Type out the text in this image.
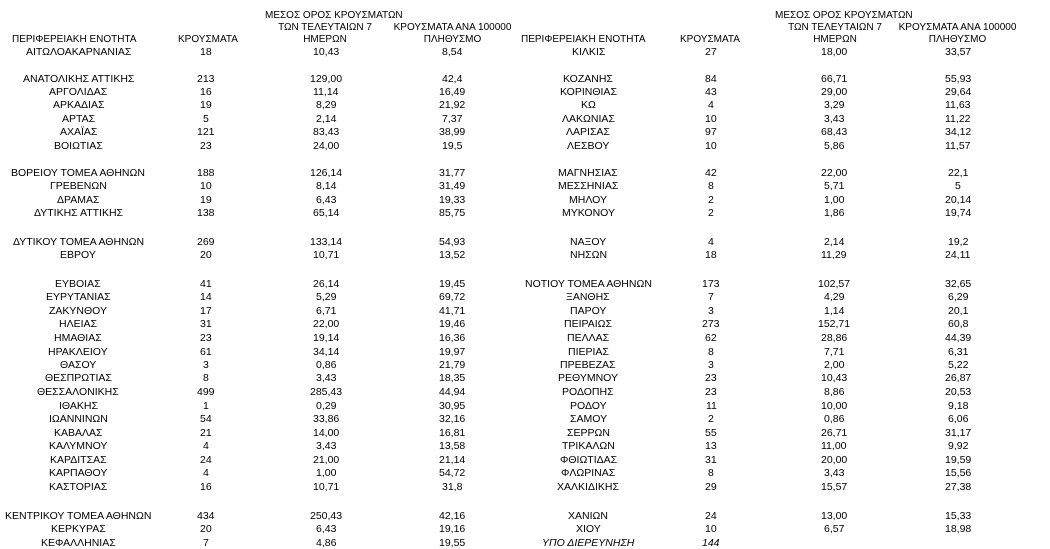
ΠΕΡΙΦΕΡΕΙΑΚΗ ΕΝΟΤΗΤΑ	ΚΡΟΥΣΜΑΤΑ
ΜΕΣΟΣ ΟΡΟΣ ΚΡΟΥΣΜΑΤΩΝ
ΤΩΝ ΤΕΛΕΥΤΑΙΩΝ 7
ΗΜΕΡΩΝ
ΚΡΟΥΣΜΑΤΑ ΑΝΑ 100000
ΠΛΗΘΥΣΜΟ	ΠΕΡΙΦΕΡΕΙΑΚΗ ΕΝΟΤΗΤΑ	ΚΡΟΥΣΜΑΤΑ
ΜΕΣΟΣ ΟΡΟΣ ΚΡΟΥΣΜΑΤΩΝ
ΤΩΝ ΤΕΛΕΥΤΑΙΩΝ 7
ΗΜΕΡΩΝ
ΚΡΟΥΣΜΑΤΑ ΑΝΑ 100000
ΠΛΗΘΥΣΜΟ
ΑΙΤΩΛΟΑΚΑΡΝΑΝΙΑΣ	18	10,43	8,54
ΑΝΑΤΟΛΙΚΗΣ ΑΤΤΙΚΗΣ	213	129,00	42,4
ΑΡΓΟΛΙΔΑΣ	16	11,14	16,49
ΑΡΚΑΔΙΑΣ	19	8,29	21,92
ΑΡΤΑΣ	5	2,14	7,37
ΑΧΑΪΑΣ	121	83,43	38,99
ΒΟΙΩΤΙΑΣ	23	24,00	19,5
ΒΟΡΕΙΟΥ ΤΟΜΕΑ ΑΘΗΝΩΝ	188	126,14	31,77
ΓΡΕΒΕΝΩΝ	10	8,14	31,49
ΔΡΑΜΑΣ	19	6,43	19,33
ΔΥΤΙΚΗΣ ΑΤΤΙΚΗΣ	138	65,14	85,75
ΔΥΤΙΚΟΥ ΤΟΜΕΑ ΑΘΗΝΩΝ	269	133,14	54,93
ΕΒΡΟΥ	20	10,71	13,52
ΕΥΒΟΙΑΣ	41	26,14	19,45
ΕΥΡΥΤΑΝΙΑΣ	14	5,29	69,72
ΖΑΚΥΝΘΟΥ	17	6,71	41,71
ΗΛΕΙΑΣ	31	22,00	19,46
ΗΜΑΘΙΑΣ	23	19,14	16,36
ΗΡΑΚΛΕΙΟΥ	61	34,14	19,97
ΘΑΣΟΥ	3	0,86	21,79
ΘΕΣΠΡΩΤΙΑΣ	8	3,43	18,35
ΘΕΣΣΑΛΟΝΙΚΗΣ	499	285,43	44,94
ΙΘΑΚΗΣ	1	0,29	30,95
ΙΩΑΝΝΙΝΩΝ	54	33,86	32,16
ΚΑΒΑΛΑΣ	21	14,00	16,81
ΚΑΛΥΜΝΟΥ	4	3,43	13,58
ΚΑΡΔΙΤΣΑΣ	24	21,00	21,14
ΚΑΡΠΑΘΟΥ	4	1,00	54,72
ΚΑΣΤΟΡΙΑΣ	16	10,71	31,8
ΚΕΝΤΡΙΚΟΥ ΤΟΜΕΑ ΑΘΗΝΩΝ	434	250,43	42,16
ΚΕΡΚΥΡΑΣ	20	6,43	19,16
ΚΕΦΑΛΛΗΝΙΑΣ	7	4,86	19,55
ΚΙΛΚΙΣ	27	18,00	33,57
ΚΟΖΑΝΗΣ	84	66,71	55,93
ΚΟΡΙΝΘΙΑΣ	43	29,00	29,64
ΚΩ	4	3,29	11,63
ΛΑΚΩΝΙΑΣ	10	3,43	11,22
ΛΑΡΙΣΑΣ	97	68,43	34,12
ΛΕΣΒΟΥ	10	5,86	11,57
ΜΑΓΝΗΣΙΑΣ	42	22,00	22,1
ΜΕΣΣΗΝΙΑΣ	8	5,71	5
ΜΗΛΟΥ	2	1,00	20,14
ΜΥΚΟΝΟΥ	2	1,86	19,74
ΝΑΞΟΥ	4	2,14	19,2
ΝΗΣΩΝ	18	11,29	24,11
ΝΟΤΙΟΥ ΤΟΜΕΑ ΑΘΗΝΩΝ	173	102,57	32,65
ΞΑΝΘΗΣ	7	4,29	6,29
ΠΑΡΟΥ	3	1,14	20,1
ΠΕΙΡΑΙΩΣ	273	152,71	60,8
ΠΕΛΛΑΣ	62	28,86	44,39
ΠΙΕΡΙΑΣ	8	7,71	6,31
ΠΡΕΒΕΖΑΣ	3	2,00	5,22
ΡΕΘΥΜΝΟΥ	23	10,43	26,87
ΡΟΔΟΠΗΣ	23	8,86	20,53
ΡΟΔΟΥ	11	10,00	9,18
ΣΑΜΟΥ	2	0,86	6,06
ΣΕΡΡΩΝ	55	26,71	31,17
ΤΡΙΚΑΛΩΝ	13	11,00	9,92
ΦΘΙΩΤΙΔΑΣ	31	20,00	19,59
ΦΛΩΡΙΝΑΣ	8	3,43	15,56
ΧΑΛΚΙΔΙΚΗΣ	29	15,57	27,38
ΧΑΝΙΩΝ	24	13,00	15,33
ΧΙΟΥ	10	6,57	18,98
ΥΠΟ ΔΙΕΡΕΥΝΗΣΗ	144
